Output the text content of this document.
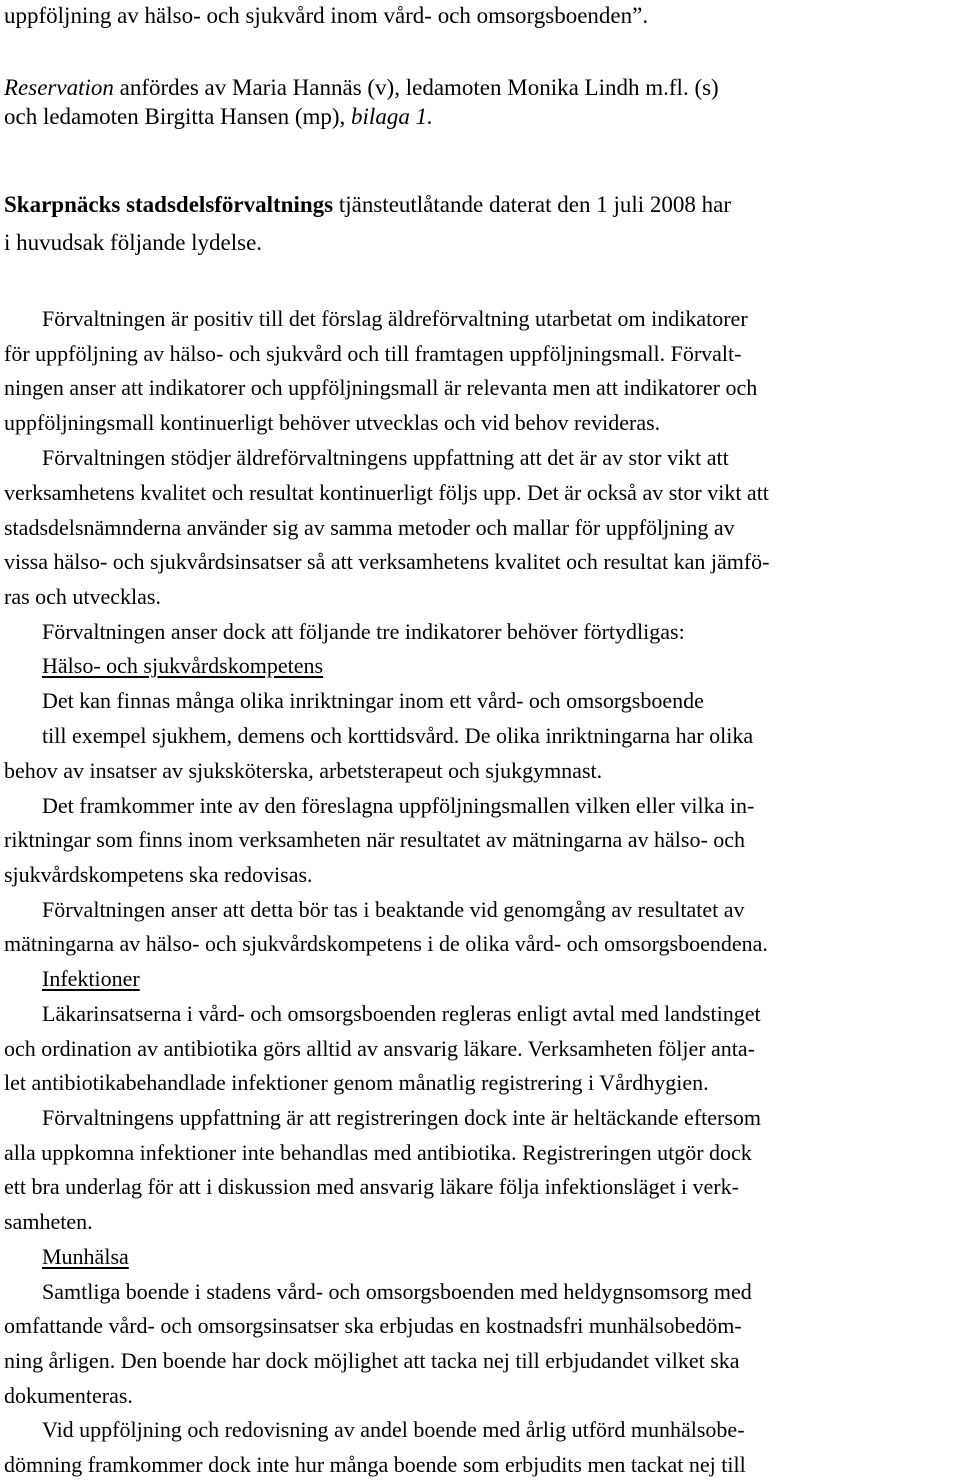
uppföljning av hälso- och sjukvård inom vård- och omsorgsboenden”.
Reservation anfördes av Maria Hannäs (v), ledamoten Monika Lindh m.fl. (s)
och ledamoten Birgitta Hansen (mp), bilaga 1.
Skarpnäcks stadsdelsförvaltnings tjänsteutlåtande daterat den 1 juli 2008 har
i huvudsak följande lydelse.
Förvaltningen är positiv till det förslag äldreförvaltning utarbetat om indikatorer
för uppföljning av hälso- och sjukvård och till framtagen uppföljningsmall. Förvalt-
ningen anser att indikatorer och uppföljningsmall är relevanta men att indikatorer och
uppföljningsmall kontinuerligt behöver utvecklas och vid behov revideras.
Förvaltningen stödjer äldreförvaltningens uppfattning att det är av stor vikt att
verksamhetens kvalitet och resultat kontinuerligt följs upp. Det är också av stor vikt att
stadsdelsnämnderna använder sig av samma metoder och mallar för uppföljning av
vissa hälso- och sjukvårdsinsatser så att verksamhetens kvalitet och resultat kan jämfö-
ras och utvecklas.
Förvaltningen anser dock att följande tre indikatorer behöver förtydligas:
Hälso- och sjukvårdskompetens
Det kan finnas många olika inriktningar inom ett vård- och omsorgsboende
till exempel sjukhem, demens och korttidsvård. De olika inriktningarna har olika
behov av insatser av sjuksköterska, arbetsterapeut och sjukgymnast.
Det framkommer inte av den föreslagna uppföljningsmallen vilken eller vilka in-
riktningar som finns inom verksamheten när resultatet av mätningarna av hälso- och
sjukvårdskompetens ska redovisas.
Förvaltningen anser att detta bör tas i beaktande vid genomgång av resultatet av
mätningarna av hälso- och sjukvårdskompetens i de olika vård- och omsorgsboendena.
Infektioner
Läkarinsatserna i vård- och omsorgsboenden regleras enligt avtal med landstinget
och ordination av antibiotika görs alltid av ansvarig läkare. Verksamheten följer anta-
let antibiotikabehandlade infektioner genom månatlig registrering i Vårdhygien.
Förvaltningens uppfattning är att registreringen dock inte är heltäckande eftersom
alla uppkomna infektioner inte behandlas med antibiotika. Registreringen utgör dock
ett bra underlag för att i diskussion med ansvarig läkare följa infektionsläget i verk-
samheten.
Munhälsa
Samtliga boende i stadens vård- och omsorgsboenden med heldygnsomsorg med
omfattande vård- och omsorgsinsatser ska erbjudas en kostnadsfri munhälsobedöm-
ning årligen. Den boende har dock möjlighet att tacka nej till erbjudandet vilket ska
dokumenteras.
Vid uppföljning och redovisning av andel boende med årlig utförd munhälsobe-
dömning framkommer dock inte hur många boende som erbjudits men tackat nej till
